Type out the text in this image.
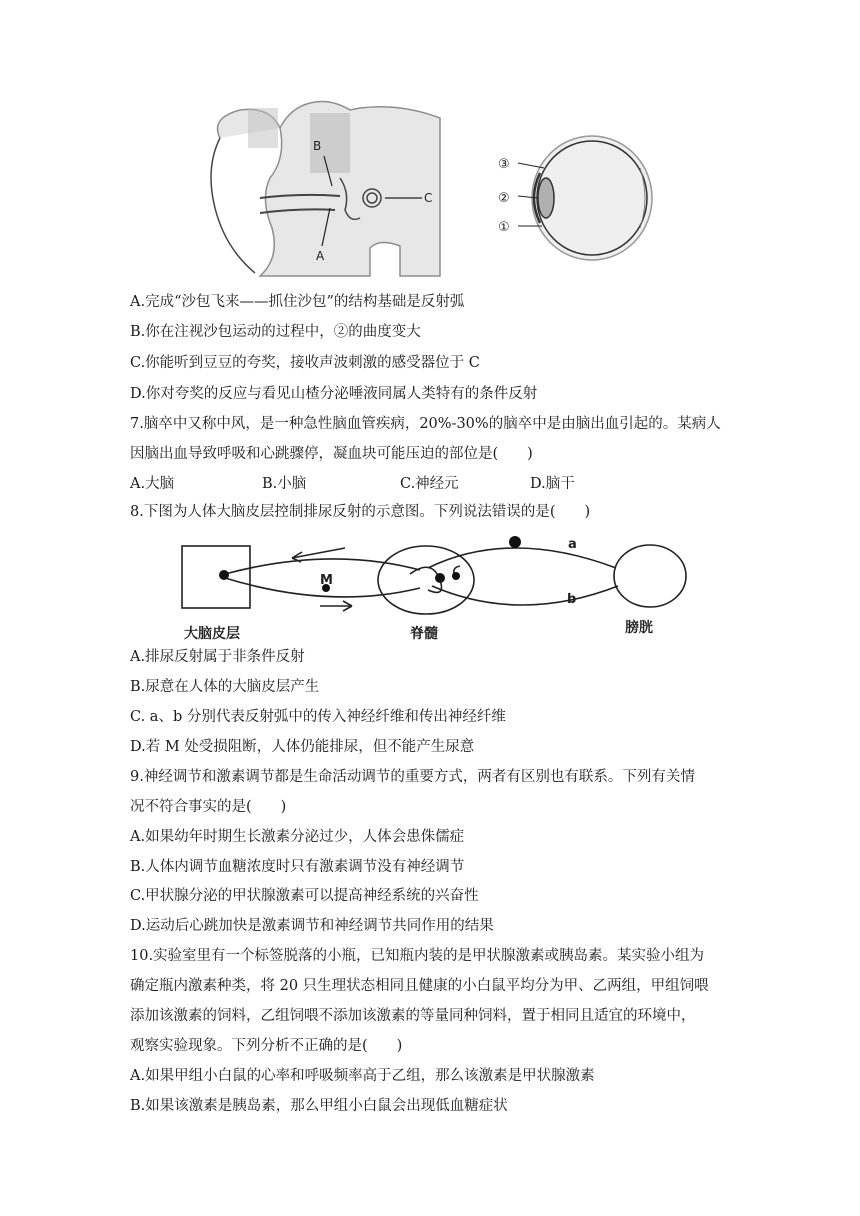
B
A
C
③
②
①
A.完成“沙包飞来——抓住沙包”的结构基础是反射弧
B.你在注视沙包运动的过程中，②的曲度变大
C.你能听到豆豆的夸奖，接收声波刺激的感受器位于 C
D.你对夸奖的反应与看见山楂分泌唾液同属人类特有的条件反射
7.脑卒中又称中风，是一种急性脑血管疾病，20%-30%的脑卒中是由脑出血引起的。某病人
因脑出血导致呼吸和心跳骤停，凝血块可能压迫的部位是(　　)
A.大脑	B.小脑	C.神经元	D.脑干
8.下图为人体大脑皮层控制排尿反射的示意图。下列说法错误的是(　　)
M
a
b
大脑皮层	脊髓	膀胱
A.排尿反射属于非条件反射
B.尿意在人体的大脑皮层产生
C. a、b 分别代表反射弧中的传入神经纤维和传出神经纤维
D.若 M 处受损阻断，人体仍能排尿，但不能产生尿意
9.神经调节和激素调节都是生命活动调节的重要方式，两者有区别也有联系。下列有关情
况不符合事实的是(　　)
A.如果幼年时期生长激素分泌过少，人体会患侏儒症
B.人体内调节血糖浓度时只有激素调节没有神经调节
C.甲状腺分泌的甲状腺激素可以提高神经系统的兴奋性
D.运动后心跳加快是激素调节和神经调节共同作用的结果
10.实验室里有一个标签脱落的小瓶，已知瓶内装的是甲状腺激素或胰岛素。某实验小组为
确定瓶内激素种类，将 20 只生理状态相同且健康的小白鼠平均分为甲、乙两组，甲组饲喂
添加该激素的饲料，乙组饲喂不添加该激素的等量同种饲料，置于相同且适宜的环境中，
观察实验现象。下列分析不正确的是(　　)
A.如果甲组小白鼠的心率和呼吸频率高于乙组，那么该激素是甲状腺激素
B.如果该激素是胰岛素，那么甲组小白鼠会出现低血糖症状
